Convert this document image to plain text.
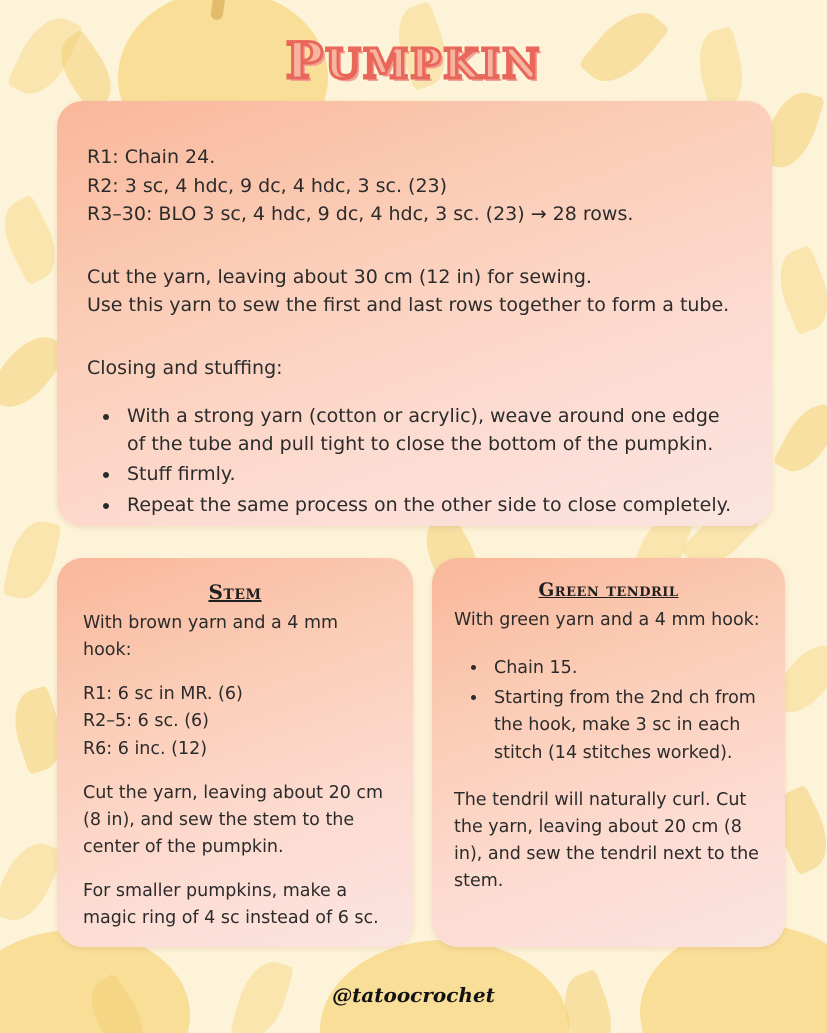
pumpkin
R1: Chain 24.
R2: 3 sc, 4 hdc, 9 dc, 4 hdc, 3 sc. (23)
R3–30: BLO 3 sc, 4 hdc, 9 dc, 4 hdc, 3 sc. (23) → 28 rows.
Cut the yarn, leaving about 30 cm (12 in) for sewing.
Use this yarn to sew the first and last rows together to form a tube.
Closing and stuffing:
• With a strong yarn (cotton or acrylic), weave around one edge of the tube and pull tight to close the bottom of the pumpkin.
• Stuff firmly.
• Repeat the same process on the other side to close completely.
Stem
With brown yarn and a 4 mm hook:
R1: 6 sc in MR. (6)
R2–5: 6 sc. (6)
R6: 6 inc. (12)
Cut the yarn, leaving about 20 cm (8 in), and sew the stem to the center of the pumpkin.
For smaller pumpkins, make a magic ring of 4 sc instead of 6 sc.
Green tendril
With green yarn and a 4 mm hook:
• Chain 15.
• Starting from the 2nd ch from the hook, make 3 sc in each stitch (14 stitches worked).
The tendril will naturally curl. Cut the yarn, leaving about 20 cm (8 in), and sew the tendril next to the stem.
@tatoocrochet
